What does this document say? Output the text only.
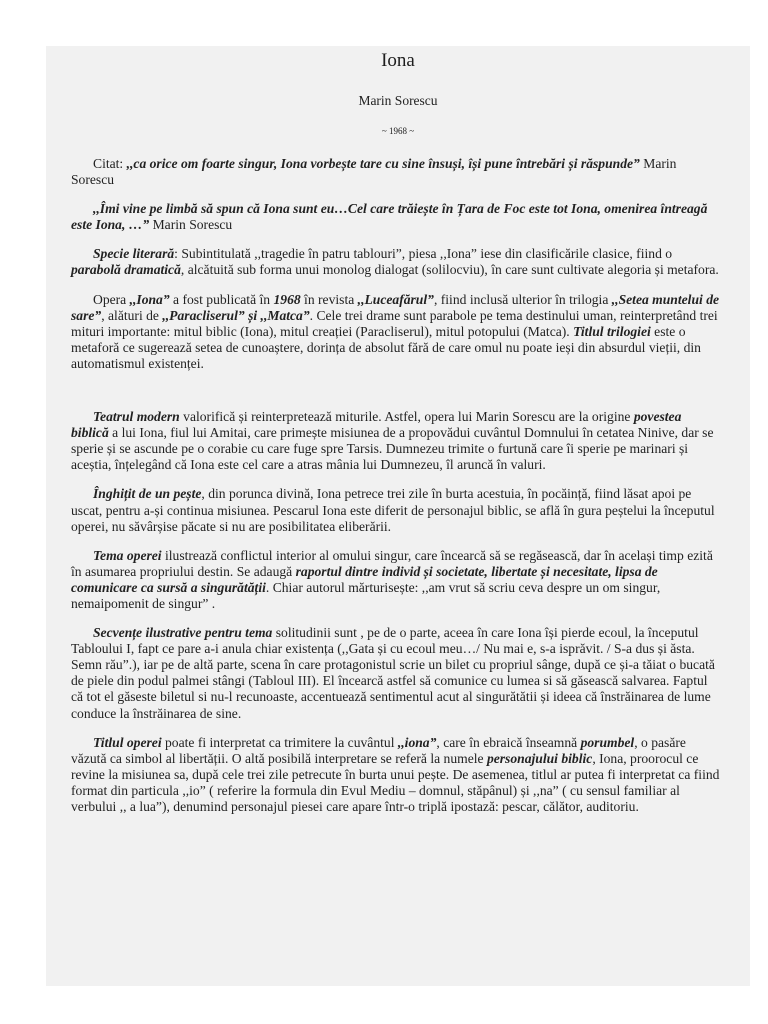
Iona

Marin Sorescu

~ 1968 ~

Citat: ,,ca orice om foarte singur, Iona vorbește tare cu sine însuși, își pune întrebări și răspunde” Marin Sorescu

,,Îmi vine pe limbă să spun că Iona sunt eu…Cel care trăiește în Țara de Foc este tot Iona, omenirea întreagă este Iona, …” Marin Sorescu

Specie literară: Subintitulată ,,tragedie în patru tablouri”, piesa ,,Iona” iese din clasificările clasice, fiind o parabolă dramatică, alcătuită sub forma unui monolog dialogat (solilocviu), în care sunt cultivate alegoria și metafora.

Opera ,,Iona” a fost publicată în 1968 în revista ,,Luceafărul”, fiind inclusă ulterior în trilogia ,,Setea muntelui de sare”, alături de ,,Paracliserul” și ,,Matca”. Cele trei drame sunt parabole pe tema destinului uman, reinterpretând trei mituri importante: mitul biblic (Iona), mitul creației (Paracliserul), mitul potopului (Matca). Titlul trilogiei este o metaforă ce sugerează setea de cunoaștere, dorința de absolut fără de care omul nu poate ieși din absurdul vieții, din automatismul existenței.

Teatrul modern valorifică și reinterpretează miturile. Astfel, opera lui Marin Sorescu are la origine povestea biblică a lui Iona, fiul lui Amitai, care primește misiunea de a propovădui cuvântul Domnului în cetatea Ninive, dar se sperie și se ascunde pe o corabie cu care fuge spre Tarsis. Dumnezeu trimite o furtună care îi sperie pe marinari și aceștia, înțelegând că Iona este cel care a atras mânia lui Dumnezeu, îl aruncă în valuri.

Înghițit de un pește, din porunca divină, Iona petrece trei zile în burta acestuia, în pocăință, fiind lăsat apoi pe uscat, pentru a-și continua misiunea. Pescarul Iona este diferit de personajul biblic, se află în gura peștelui la începutul operei, nu săvârșise păcate si nu are posibilitatea eliberării.

Tema operei ilustrează conflictul interior al omului singur, care încearcă să se regăsească, dar în același timp ezită în asumarea propriului destin. Se adaugă raportul dintre individ și societate, libertate și necesitate, lipsa de comunicare ca sursă a singurătății. Chiar autorul mărturisește: ,,am vrut să scriu ceva despre un om singur, nemaipomenit de singur” .

Secvențe ilustrative pentru tema solitudinii sunt , pe de o parte, aceea în care Iona își pierde ecoul, la începutul Tabloului I, fapt ce pare a-i anula chiar existența (,,Gata și cu ecoul meu…/ Nu mai e, s-a isprăvit. / S-a dus și ăsta. Semn rău”.), iar pe de altă parte, scena în care protagonistul scrie un bilet cu propriul sânge, după ce și-a tăiat o bucată de piele din podul palmei stângi (Tabloul III). El încearcă astfel să comunice cu lumea si să găsească salvarea. Faptul că tot el găseste biletul si nu-l recunoaste, accentuează sentimentul acut al singurătătii și ideea că înstrăinarea de lume conduce la înstrăinarea de sine.

Titlul operei poate fi interpretat ca trimitere la cuvântul ,,iona”, care în ebraică înseamnă porumbel, o pasăre văzută ca simbol al libertății. O altă posibilă interpretare se referă la numele personajului biblic, Iona, proorocul ce revine la misiunea sa, după cele trei zile petrecute în burta unui pește. De asemenea, titlul ar putea fi interpretat ca fiind format din particula ,,io” ( referire la formula din Evul Mediu – domnul, stăpânul) și ,,na” ( cu sensul familiar al verbului ,, a lua”), denumind personajul piesei care apare într-o triplă ipostază: pescar, călător, auditoriu.
